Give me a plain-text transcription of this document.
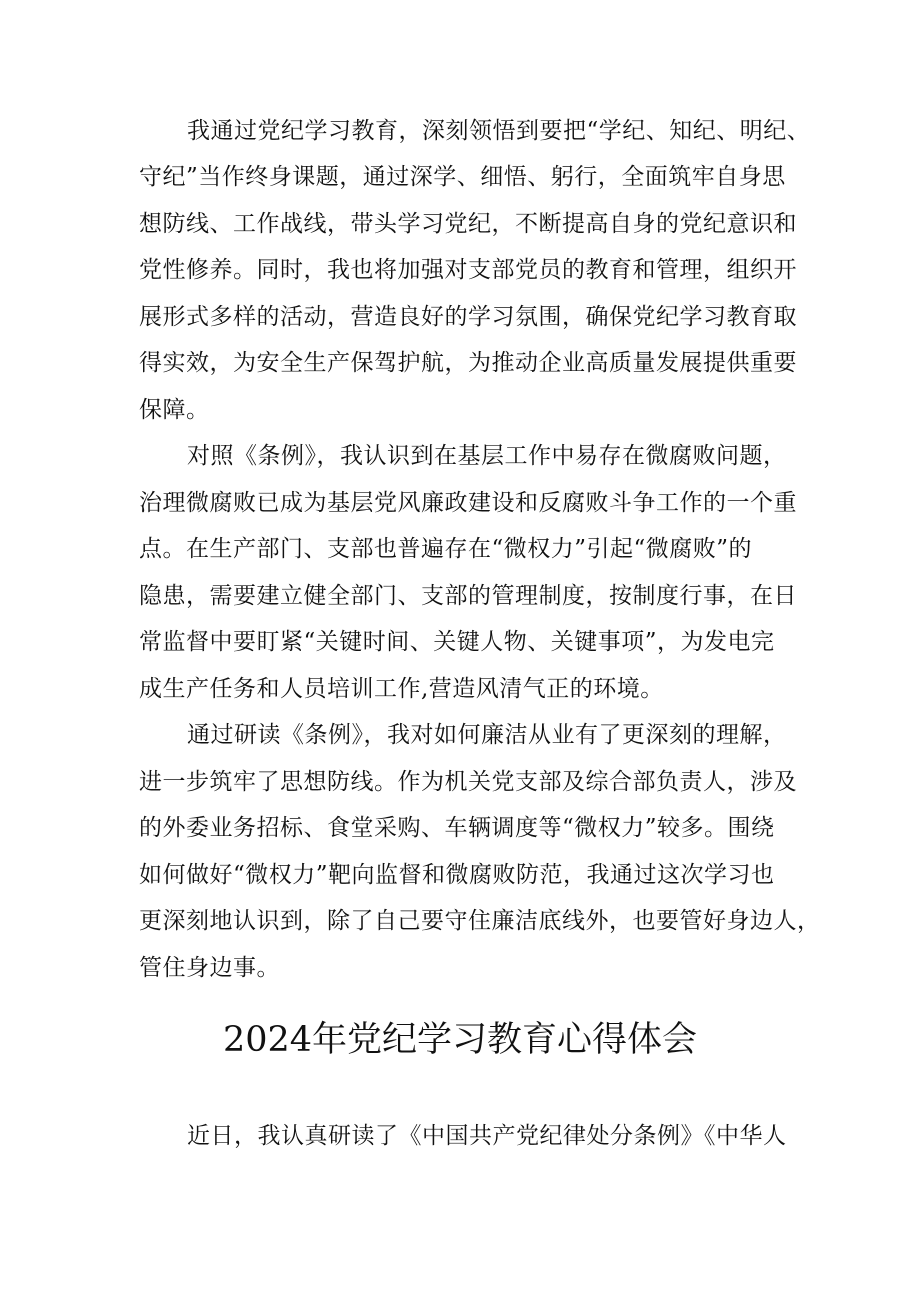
我通过党纪学习教育，深刻领悟到要把“学纪、知纪、明纪、
守纪”当作终身课题，通过深学、细悟、躬行，全面筑牢自身思
想防线、工作战线，带头学习党纪，不断提高自身的党纪意识和
党性修养。同时，我也将加强对支部党员的教育和管理，组织开
展形式多样的活动，营造良好的学习氛围，确保党纪学习教育取
得实效，为安全生产保驾护航，为推动企业高质量发展提供重要
保障。
对照《条例》，我认识到在基层工作中易存在微腐败问题，
治理微腐败已成为基层党风廉政建设和反腐败斗争工作的一个重
点。在生产部门、支部也普遍存在“微权力”引起“微腐败”的
隐患，需要建立健全部门、支部的管理制度，按制度行事，在日
常监督中要盯紧“关键时间、关键人物、关键事项”，为发电完
成生产任务和人员培训工作,营造风清气正的环境。
通过研读《条例》，我对如何廉洁从业有了更深刻的理解，
进一步筑牢了思想防线。作为机关党支部及综合部负责人，涉及
的外委业务招标、食堂采购、车辆调度等“微权力”较多。围绕
如何做好“微权力”靶向监督和微腐败防范，我通过这次学习也
更深刻地认识到，除了自己要守住廉洁底线外，也要管好身边人，
管住身边事。
2024年党纪学习教育心得体会
近日，我认真研读了《中国共产党纪律处分条例》《中华人
